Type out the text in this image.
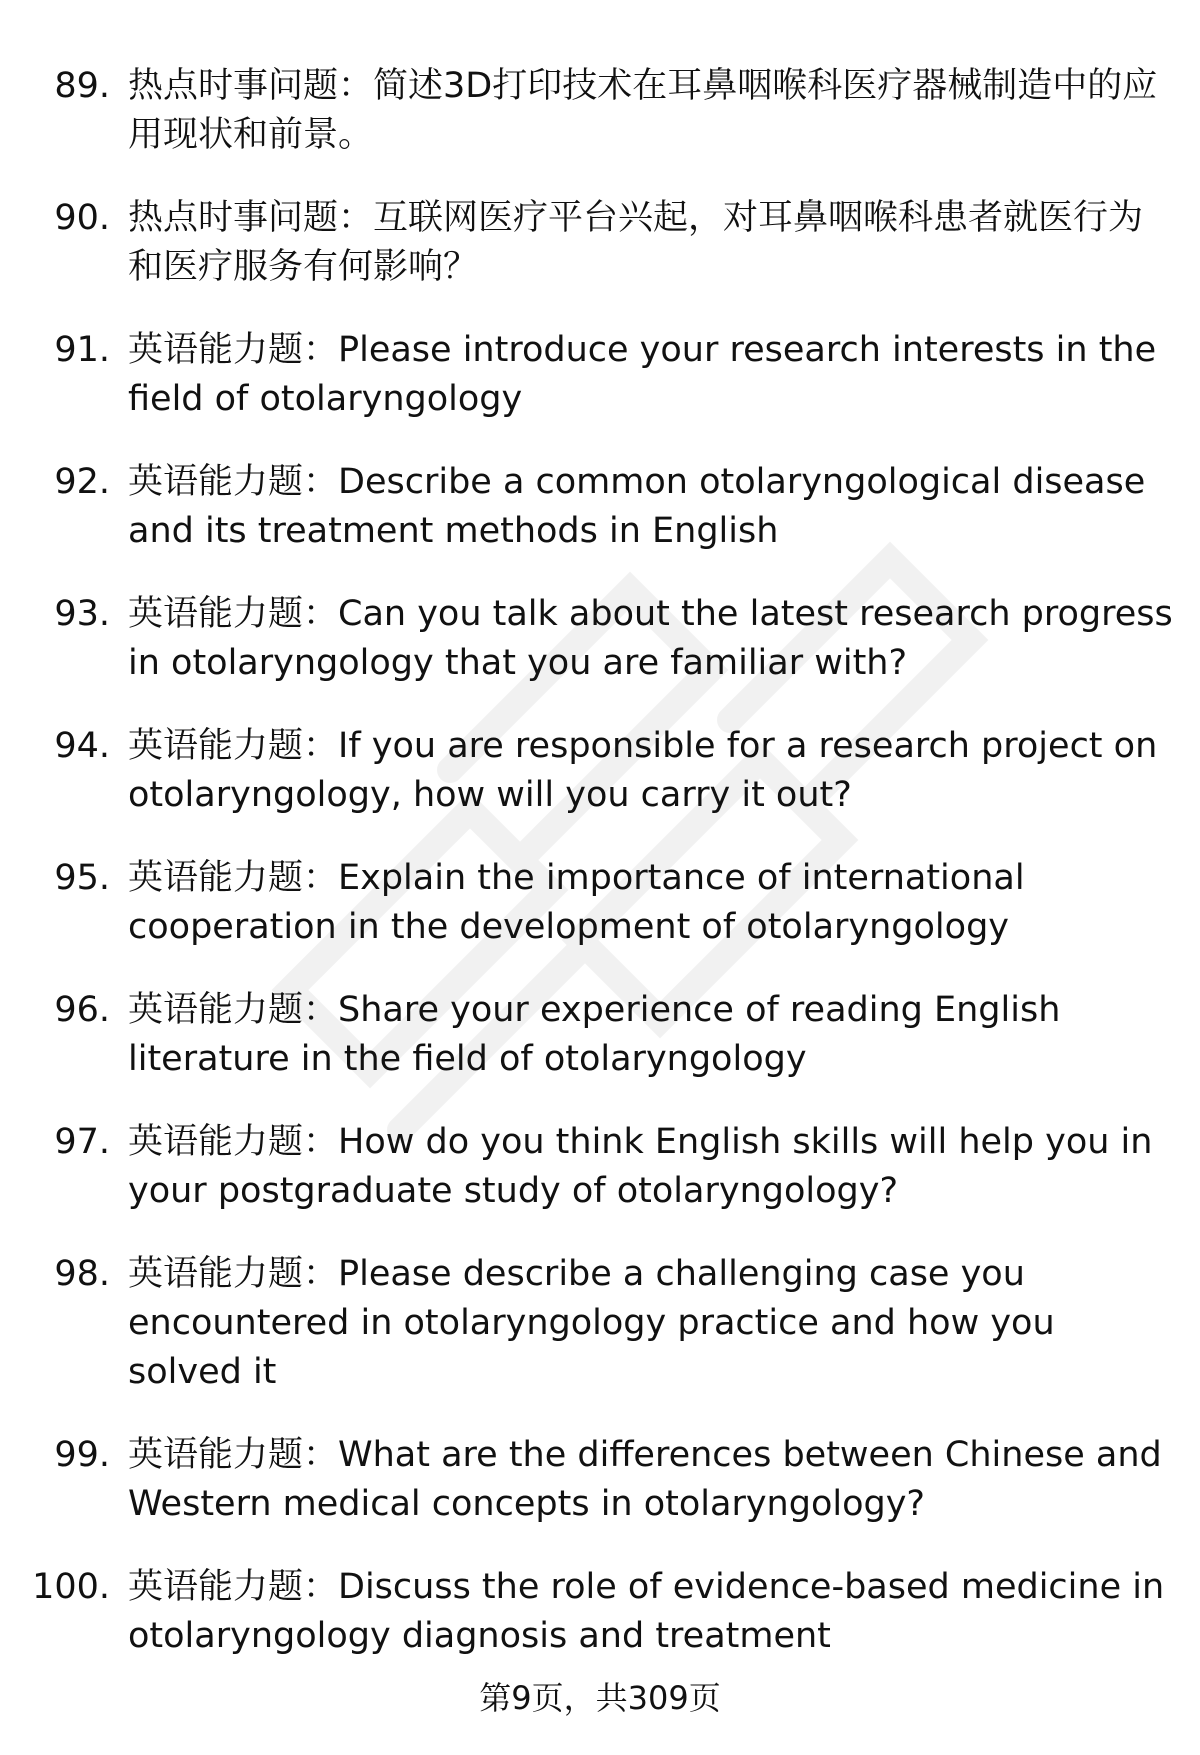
89. 热点时事问题：简述3D打印技术在耳鼻咽喉科医疗器械制造中的应用现状和前景。
90. 热点时事问题：互联网医疗平台兴起，对耳鼻咽喉科患者就医行为和医疗服务有何影响？
91. 英语能力题：Please introduce your research interests in the field of otolaryngology
92. 英语能力题：Describe a common otolaryngological disease and its treatment methods in English
93. 英语能力题：Can you talk about the latest research progress in otolaryngology that you are familiar with?
94. 英语能力题：If you are responsible for a research project on otolaryngology, how will you carry it out?
95. 英语能力题：Explain the importance of international cooperation in the development of otolaryngology
96. 英语能力题：Share your experience of reading English literature in the field of otolaryngology
97. 英语能力题：How do you think English skills will help you in your postgraduate study of otolaryngology?
98. 英语能力题：Please describe a challenging case you encountered in otolaryngology practice and how you solved it
99. 英语能力题：What are the differences between Chinese and Western medical concepts in otolaryngology?
100. 英语能力题：Discuss the role of evidence-based medicine in otolaryngology diagnosis and treatment
第9页，共309页
